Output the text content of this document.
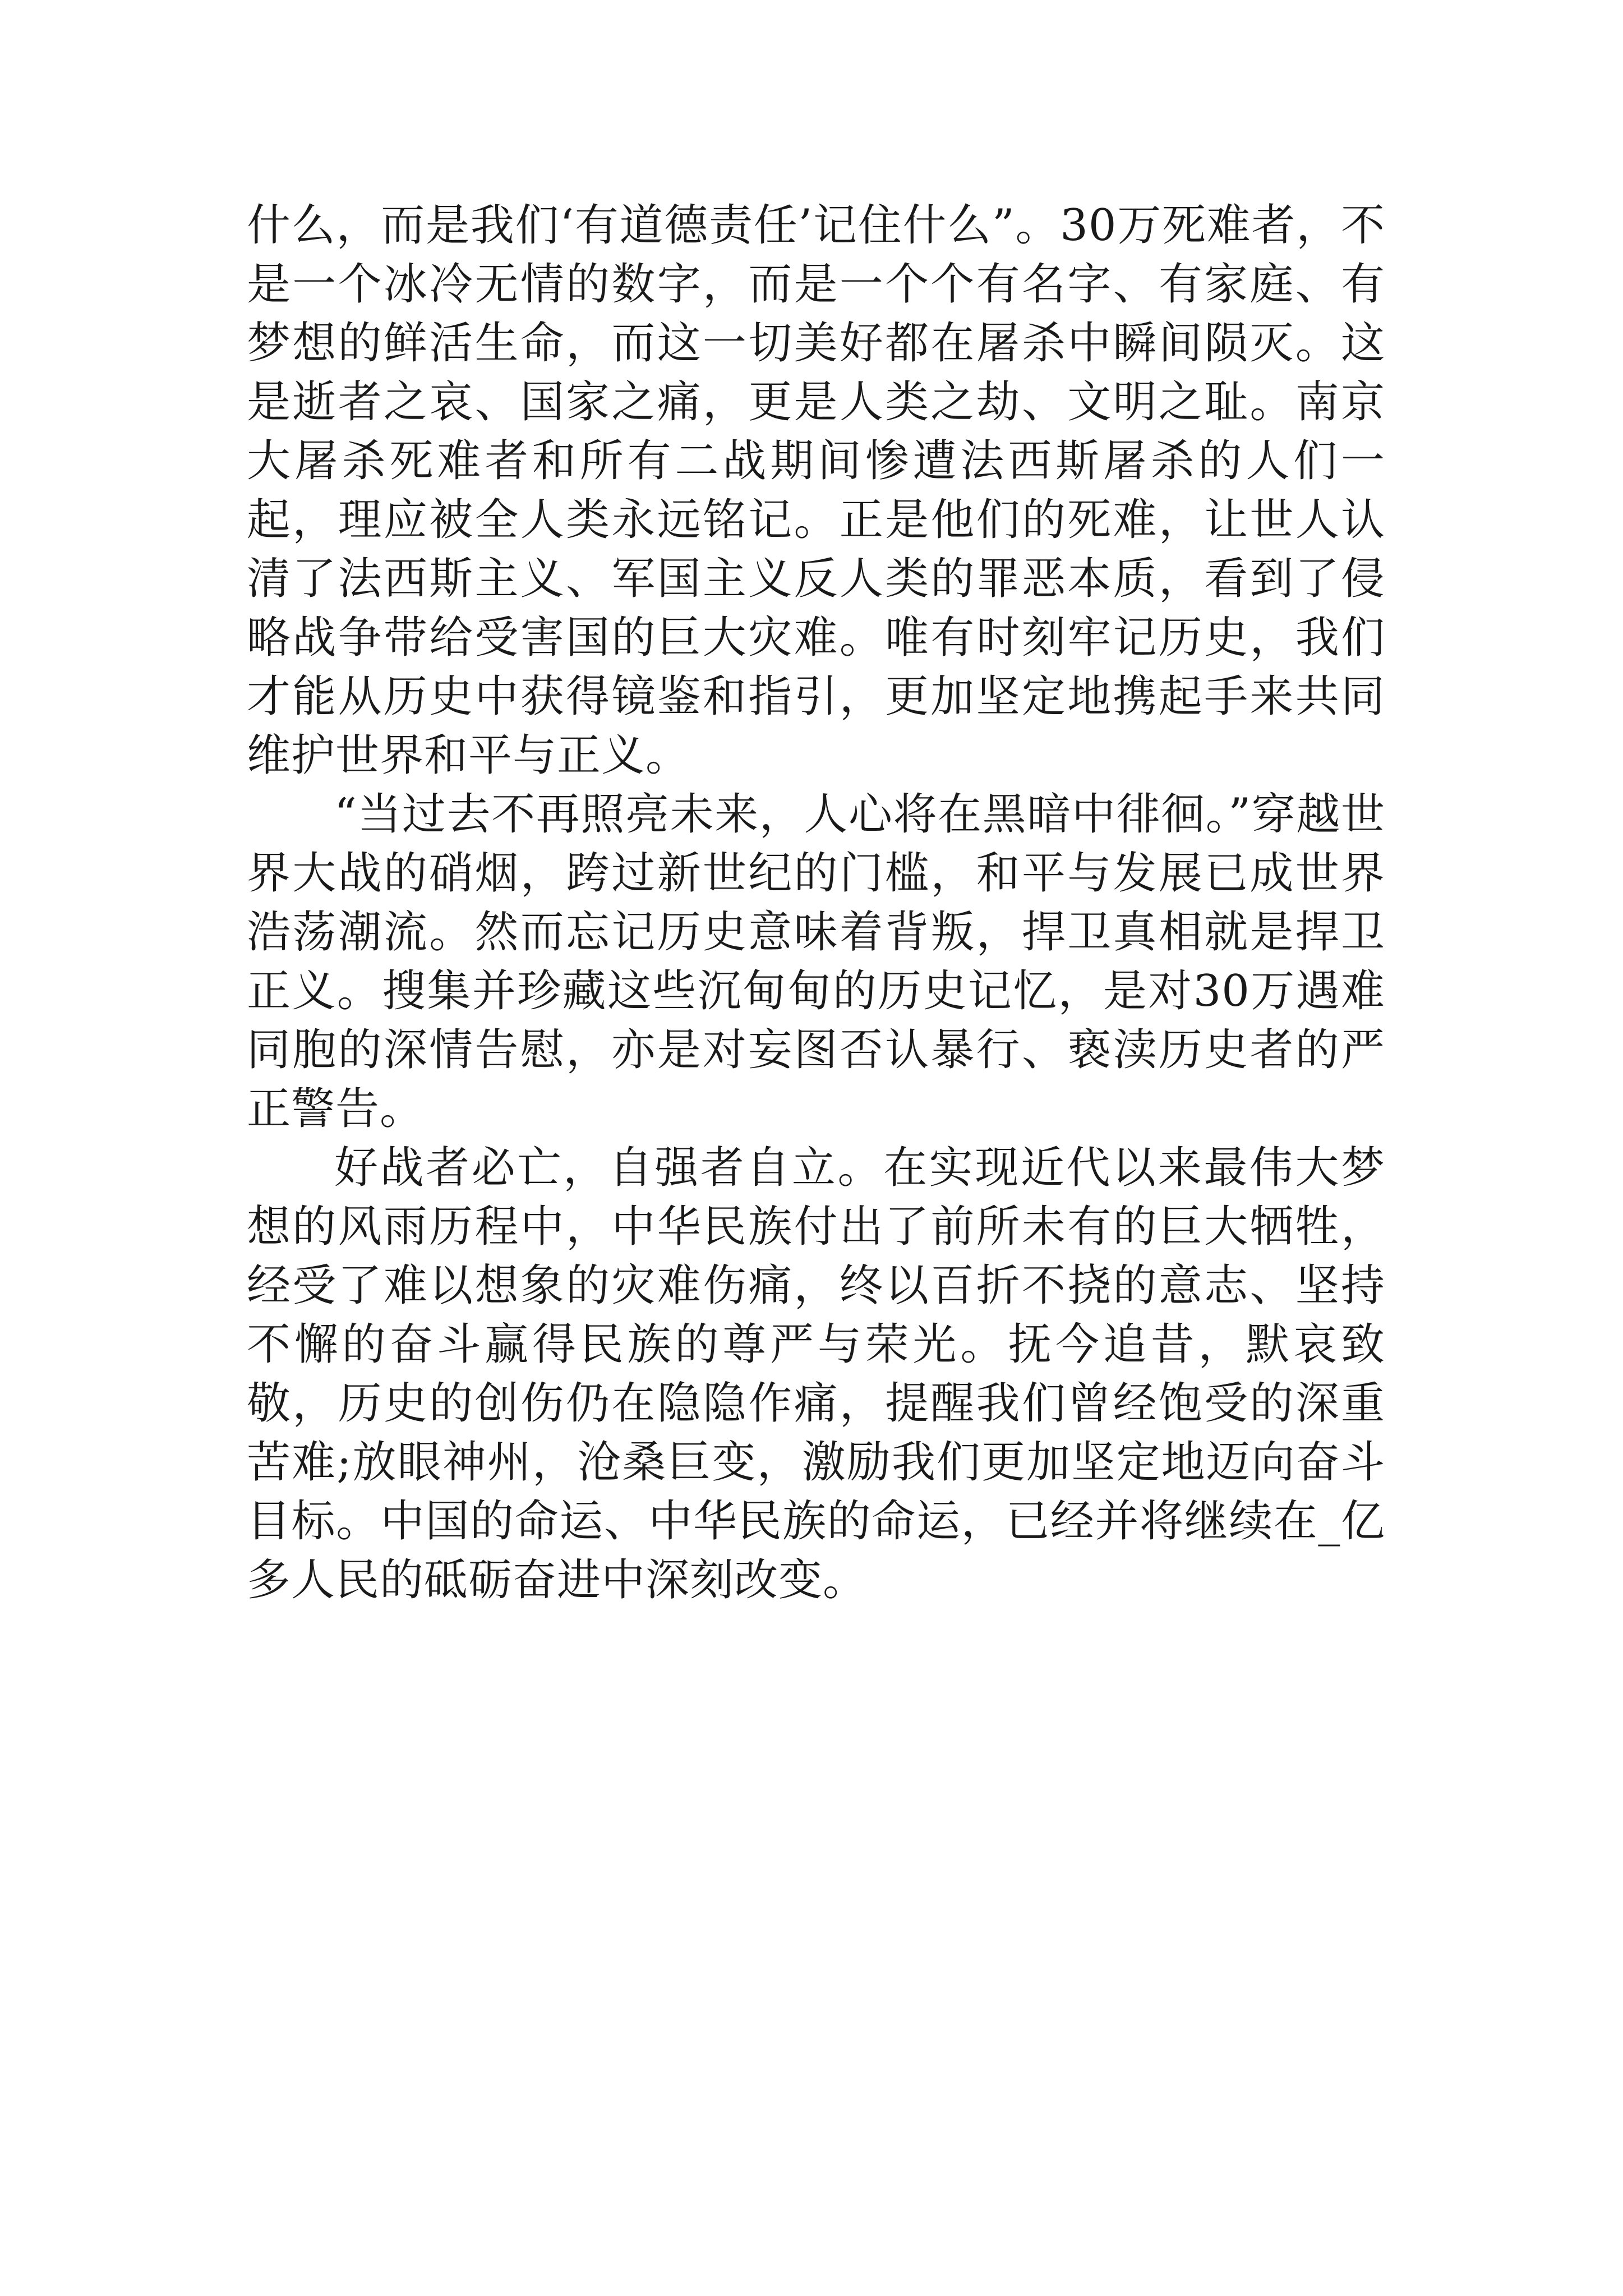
什么，而是我们‘有道德责任’记住什么”。30万死难者，不是一个冰冷无情的数字，而是一个个有名字、有家庭、有梦想的鲜活生命，而这一切美好都在屠杀中瞬间陨灭。这是逝者之哀、国家之痛，更是人类之劫、文明之耻。南京大屠杀死难者和所有二战期间惨遭法西斯屠杀的人们一起，理应被全人类永远铭记。正是他们的死难，让世人认清了法西斯主义、军国主义反人类的罪恶本质，看到了侵略战争带给受害国的巨大灾难。唯有时刻牢记历史，我们才能从历史中获得镜鉴和指引，更加坚定地携起手来共同维护世界和平与正义。

“当过去不再照亮未来，人心将在黑暗中徘徊。”穿越世界大战的硝烟，跨过新世纪的门槛，和平与发展已成世界浩荡潮流。然而忘记历史意味着背叛，捍卫真相就是捍卫正义。搜集并珍藏这些沉甸甸的历史记忆，是对30万遇难同胞的深情告慰，亦是对妄图否认暴行、亵渎历史者的严正警告。

好战者必亡，自强者自立。在实现近代以来最伟大梦想的风雨历程中，中华民族付出了前所未有的巨大牺牲，经受了难以想象的灾难伤痛，终以百折不挠的意志、坚持不懈的奋斗赢得民族的尊严与荣光。抚今追昔，默哀致敬，历史的创伤仍在隐隐作痛，提醒我们曾经饱受的深重苦难;放眼神州，沧桑巨变，激励我们更加坚定地迈向奋斗目标。中国的命运、中华民族的命运，已经并将继续在_亿多人民的砥砺奋进中深刻改变。
